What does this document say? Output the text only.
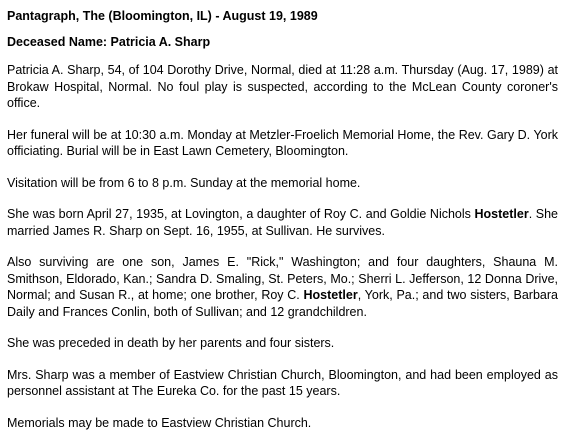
Pantagraph, The (Bloomington, IL) - August 19, 1989

Deceased Name: Patricia A. Sharp

Patricia A. Sharp, 54, of 104 Dorothy Drive, Normal, died at 11:28 a.m. Thursday (Aug. 17, 1989) at Brokaw Hospital, Normal. No foul play is suspected, according to the McLean County coroner's office.

Her funeral will be at 10:30 a.m. Monday at Metzler-Froelich Memorial Home, the Rev. Gary D. York officiating. Burial will be in East Lawn Cemetery, Bloomington.

Visitation will be from 6 to 8 p.m. Sunday at the memorial home.

She was born April 27, 1935, at Lovington, a daughter of Roy C. and Goldie Nichols Hostetler. She married James R. Sharp on Sept. 16, 1955, at Sullivan. He survives.

Also surviving are one son, James E. "Rick," Washington; and four daughters, Shauna M. Smithson, Eldorado, Kan.; Sandra D. Smaling, St. Peters, Mo.; Sherri L. Jefferson, 12 Donna Drive, Normal; and Susan R., at home; one brother, Roy C. Hostetler, York, Pa.; and two sisters, Barbara Daily and Frances Conlin, both of Sullivan; and 12 grandchildren.

She was preceded in death by her parents and four sisters.

Mrs. Sharp was a member of Eastview Christian Church, Bloomington, and had been employed as personnel assistant at The Eureka Co. for the past 15 years.

Memorials may be made to Eastview Christian Church.
